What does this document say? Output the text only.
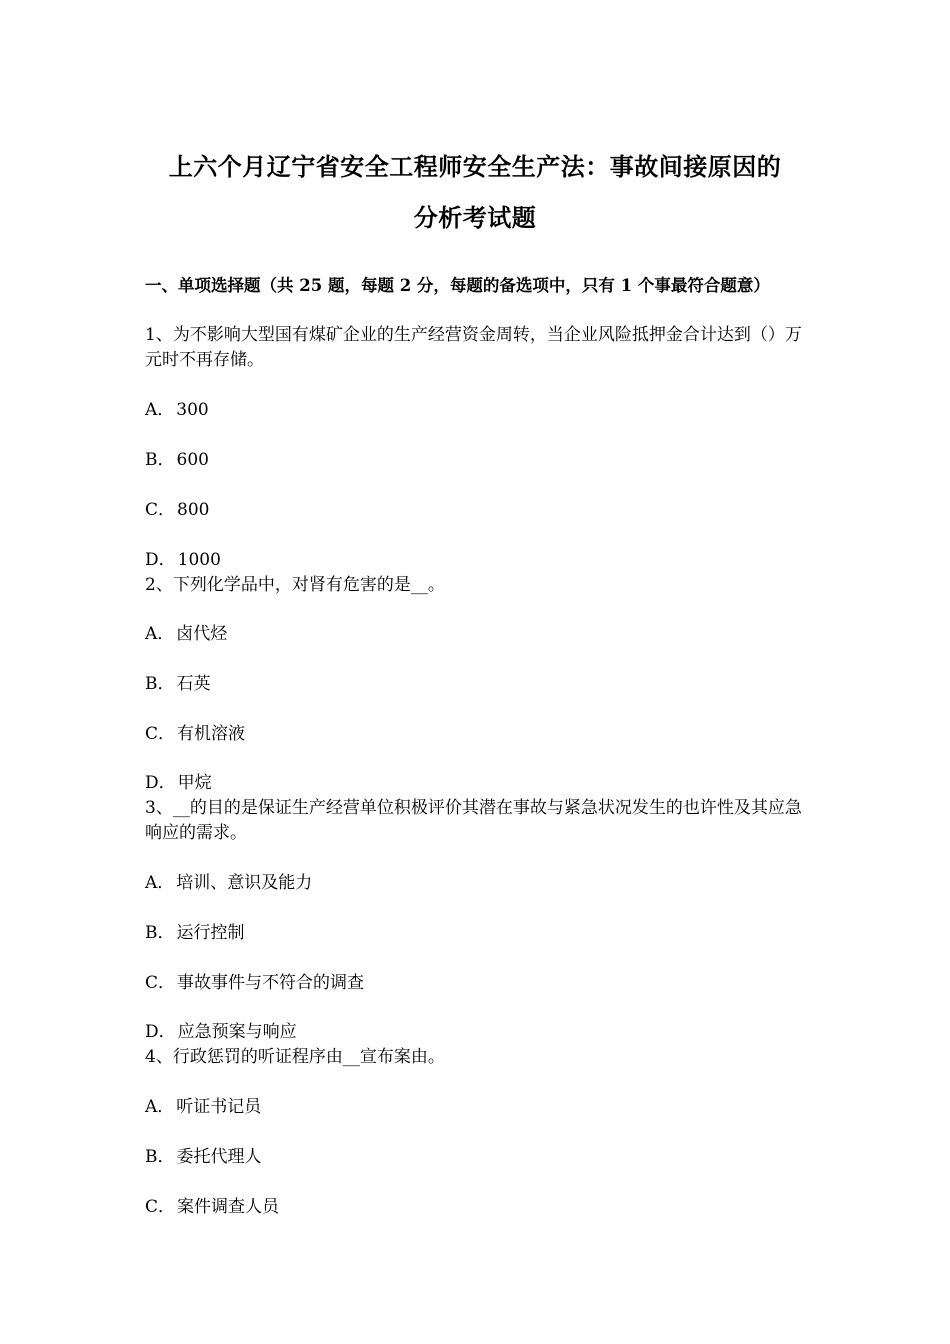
上六个月辽宁省安全工程师安全生产法：事故间接原因的
分析考试题
一、单项选择题（共 25 题，每题 2 分，每题的备选项中，只有 1 个事最符合题意）
1、为不影响大型国有煤矿企业的生产经营资金周转，当企业风险抵押金合计达到（）万元时不再存储。
A． 300
B． 600
C． 800
D． 1000
2、下列化学品中，对肾有危害的是__。
A． 卤代烃
B． 石英
C． 有机溶液
D． 甲烷
3、__的目的是保证生产经营单位积极评价其潜在事故与紧急状况发生的也许性及其应急响应的需求。
A． 培训、意识及能力
B． 运行控制
C． 事故事件与不符合的调查
D． 应急预案与响应
4、行政惩罚的听证程序由__宣布案由。
A． 听证书记员
B． 委托代理人
C． 案件调查人员
